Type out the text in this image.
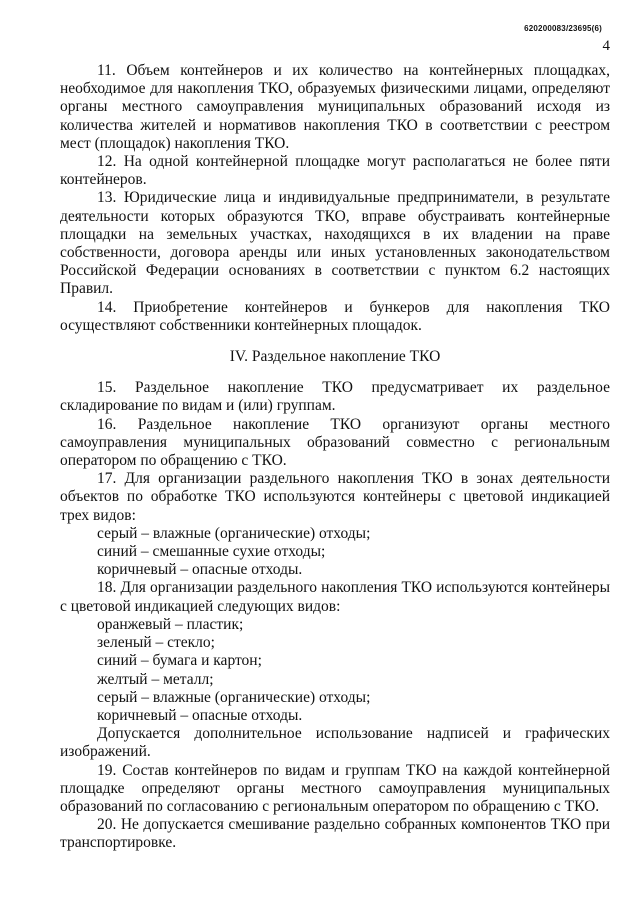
620200083/23695(6)
4

11. Объем контейнеров и их количество на контейнерных площадках, необходимое для накопления ТКО, образуемых физическими лицами, определяют органы местного самоуправления муниципальных образований исходя из количества жителей и нормативов накопления ТКО в соответствии с реестром мест (площадок) накопления ТКО.

12. На одной контейнерной площадке могут располагаться не более пяти контейнеров.

13. Юридические лица и индивидуальные предприниматели, в результате деятельности которых образуются ТКО, вправе обустраивать контейнерные площадки на земельных участках, находящихся в их владении на праве собственности, договора аренды или иных установленных законодательством Российской Федерации основаниях в соответствии с пунктом 6.2 настоящих Правил.

14. Приобретение контейнеров и бункеров для накопления ТКО осуществляют собственники контейнерных площадок.

IV. Раздельное накопление ТКО

15. Раздельное накопление ТКО предусматривает их раздельное складирование по видам и (или) группам.

16. Раздельное накопление ТКО организуют органы местного самоуправления муниципальных образований совместно с региональным оператором по обращению с ТКО.

17. Для организации раздельного накопления ТКО в зонах деятельности объектов по обработке ТКО используются контейнеры с цветовой индикацией трех видов:

серый – влажные (органические) отходы;

синий – смешанные сухие отходы;

коричневый – опасные отходы.

18. Для организации раздельного накопления ТКО используются контейнеры с цветовой индикацией следующих видов:

оранжевый – пластик;

зеленый – стекло;

синий – бумага и картон;

желтый – металл;

серый – влажные (органические) отходы;

коричневый – опасные отходы.

Допускается дополнительное использование надписей и графических изображений.

19. Состав контейнеров по видам и группам ТКО на каждой контейнерной площадке определяют органы местного самоуправления муниципальных образований по согласованию с региональным оператором по обращению с ТКО.

20. Не допускается смешивание раздельно собранных компонентов ТКО при транспортировке.
